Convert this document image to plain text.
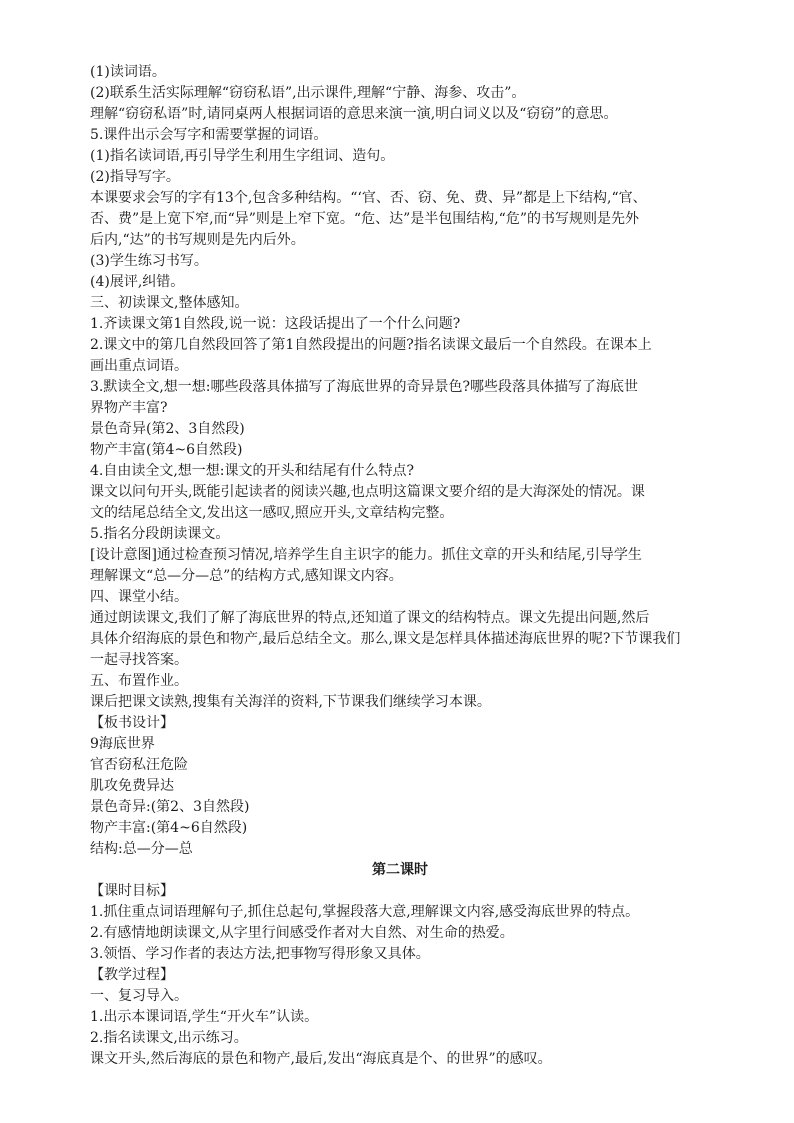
(1)读词语。
(2)联系生活实际理解“窃窃私语”,出示课件,理解“宁静、海参、攻击”。
理解“窃窃私语”时,请同桌两人根据词语的意思来演一演,明白词义以及“窃窃”的意思。
5.课件出示会写字和需要掌握的词语。
(1)指名读词语,再引导学生利用生字组词、造句。
(2)指导写字。
本课要求会写的字有13个,包含多种结构。“‘官、否、窃、免、费、异”都是上下结构,“官、
否、费”是上宽下窄,而“异”则是上窄下宽。“危、达”是半包围结构,“危”的书写规则是先外
后内,“达”的书写规则是先内后外。
(3)学生练习书写。
(4)展评,纠错。
三、初读课文,整体感知。
1.齐读课文第1自然段,说一说：这段话提出了一个什么问题?
2.课文中的第几自然段回答了第1自然段提出的问题?指名读课文最后一个自然段。在课本上
画出重点词语。
3.默读全文,想一想:哪些段落具体描写了海底世界的奇异景色?哪些段落具体描写了海底世
界物产丰富?
景色奇异(第2、3自然段)
物产丰富(第4~6自然段)
4.自由读全文,想一想:课文的开头和结尾有什么特点?
课文以问句开头,既能引起读者的阅读兴趣,也点明这篇课文要介绍的是大海深处的情况。课
文的结尾总结全文,发出这一感叹,照应开头,文章结构完整。
5.指名分段朗读课文。
[设计意图]通过检查预习情况,培养学生自主识字的能力。抓住文章的开头和结尾,引导学生
理解课文“总—分—总”的结构方式,感知课文内容。
四、课堂小结。
通过朗读课文,我们了解了海底世界的特点,还知道了课文的结构特点。课文先提出问题,然后
具体介绍海底的景色和物产,最后总结全文。那么,课文是怎样具体描述海底世界的呢?下节课我们
一起寻找答案。
五、布置作业。
课后把课文读熟,搜集有关海洋的资料,下节课我们继续学习本课。
【板书设计】
9海底世界
官否窃私汪危险
肌攻免费异达
景色奇异:(第2、3自然段)
物产丰富:(第4~6自然段)
结构:总—分—总
第二课时
【课时目标】
1.抓住重点词语理解句子,抓住总起句,掌握段落大意,理解课文内容,感受海底世界的特点。
2.有感情地朗读课文,从字里行间感受作者对大自然、对生命的热爱。
3.领悟、学习作者的表达方法,把事物写得形象又具体。
【教学过程】
一、复习导入。
1.出示本课词语,学生“开火车”认读。
2.指名读课文,出示练习。
课文开头,然后海底的景色和物产,最后,发出“海底真是个、的世界”的感叹。
